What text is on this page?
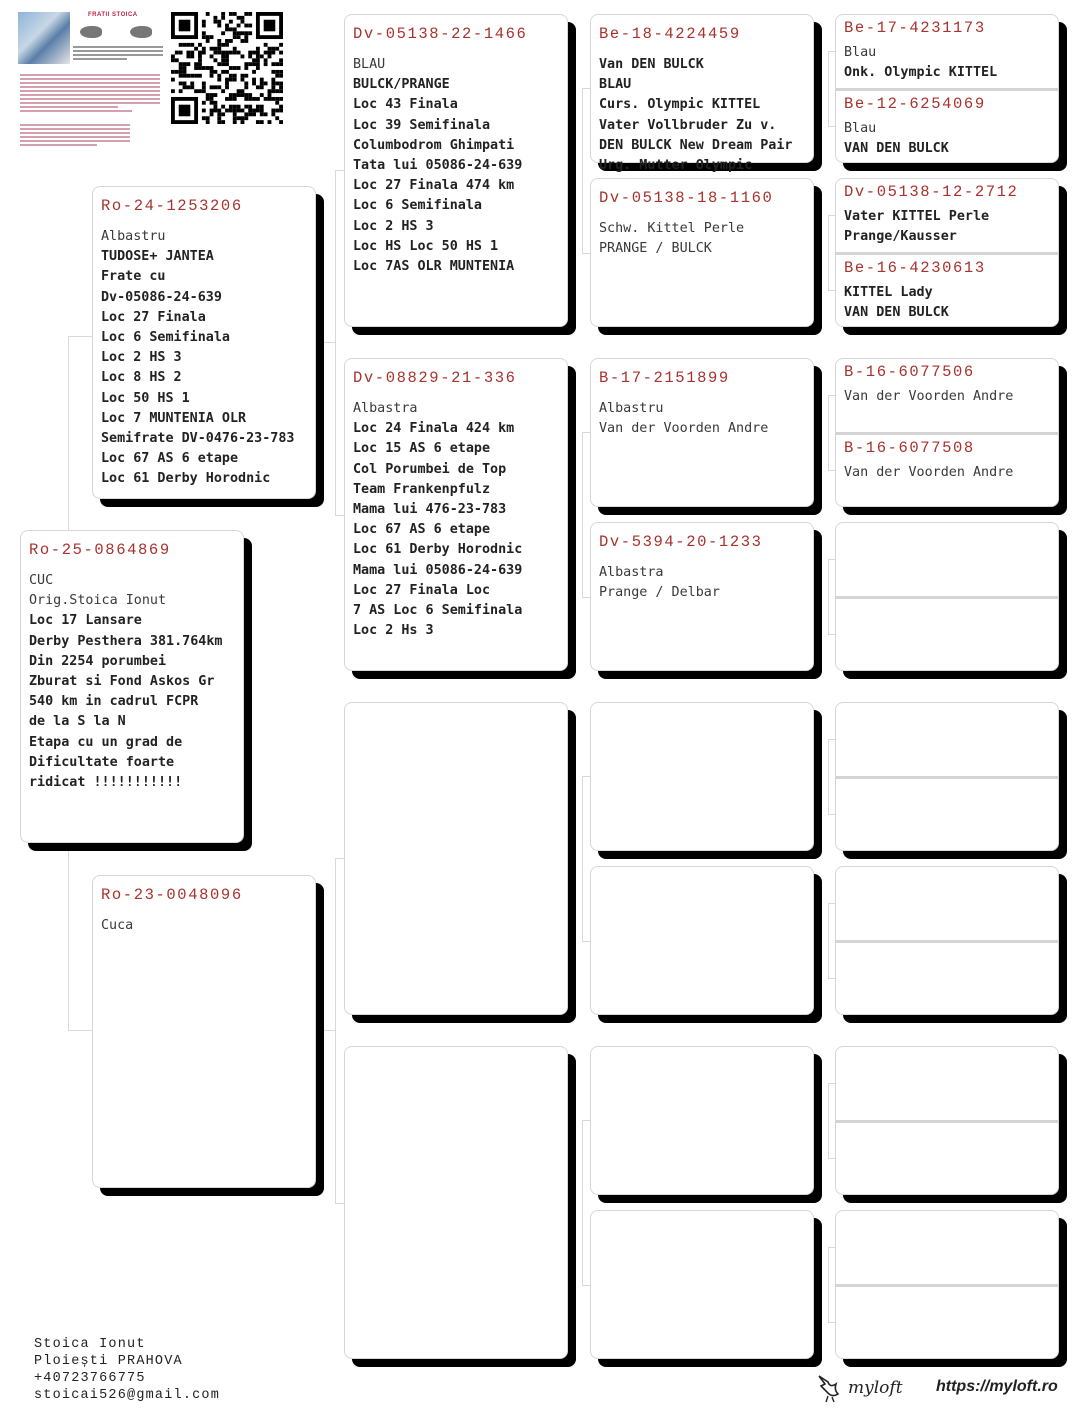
FRATII STOICA
Ro-25-0864869
CUC
Orig.Stoica Ionut
Loc 17 Lansare
Derby Pesthera 381.764km
Din 2254 porumbei
Zburat si Fond Askos Gr
540 km in cadrul FCPR
de la S la N
Etapa cu un grad de
Dificultate foarte
ridicat !!!!!!!!!!!
Ro-24-1253206
Albastru
TUDOSE+ JANTEA
Frate cu
Dv-05086-24-639
Loc 27 Finala
Loc 6 Semifinala
Loc 2 HS 3
Loc 8 HS 2
Loc 50 HS 1
Loc 7 MUNTENIA OLR
Semifrate DV-0476-23-783
Loc 67 AS 6 etape
Loc 61 Derby Horodnic
Ro-23-0048096
Cuca
Dv-05138-22-1466
BLAU
BULCK/PRANGE
Loc 43 Finala
Loc 39 Semifinala
Columbodrom Ghimpati
Tata lui 05086-24-639
Loc 27 Finala 474 km
Loc 6 Semifinala
Loc 2 HS 3
Loc HS Loc 50 HS 1
Loc 7AS OLR MUNTENIA
Dv-08829-21-336
Albastra
Loc 24 Finala 424 km
Loc 15 AS 6 etape
Col Porumbei de Top
Team Frankenpfulz
Mama lui 476-23-783
Loc 67 AS 6 etape
Loc 61 Derby Horodnic
Mama lui 05086-24-639
Loc 27 Finala Loc
7 AS Loc 6 Semifinala
Loc 2 Hs 3
Be-18-4224459
Van DEN BULCK
BLAU
Curs. Olympic KITTEL
Vater Vollbruder Zu v.
DEN BULCK New Dream Pair
Urg. Mutter Olympic
Dv-05138-18-1160
Schw. Kittel Perle
PRANGE / BULCK
B-17-2151899
Albastru
Van der Voorden Andre
Dv-5394-20-1233
Albastra
Prange / Delbar
Be-17-4231173
Blau
Onk. Olympic KITTEL
Be-12-6254069
Blau
VAN DEN BULCK
Dv-05138-12-2712
Vater KITTEL Perle
Prange/Kausser
Be-16-4230613
KITTEL Lady
VAN DEN BULCK
B-16-6077506
Van der Voorden Andre
B-16-6077508
Van der Voorden Andre
Stoica Ionut
Ploiești PRAHOVA
+40723766775
stoicai526@gmail.com	myloft https://myloft.ro
